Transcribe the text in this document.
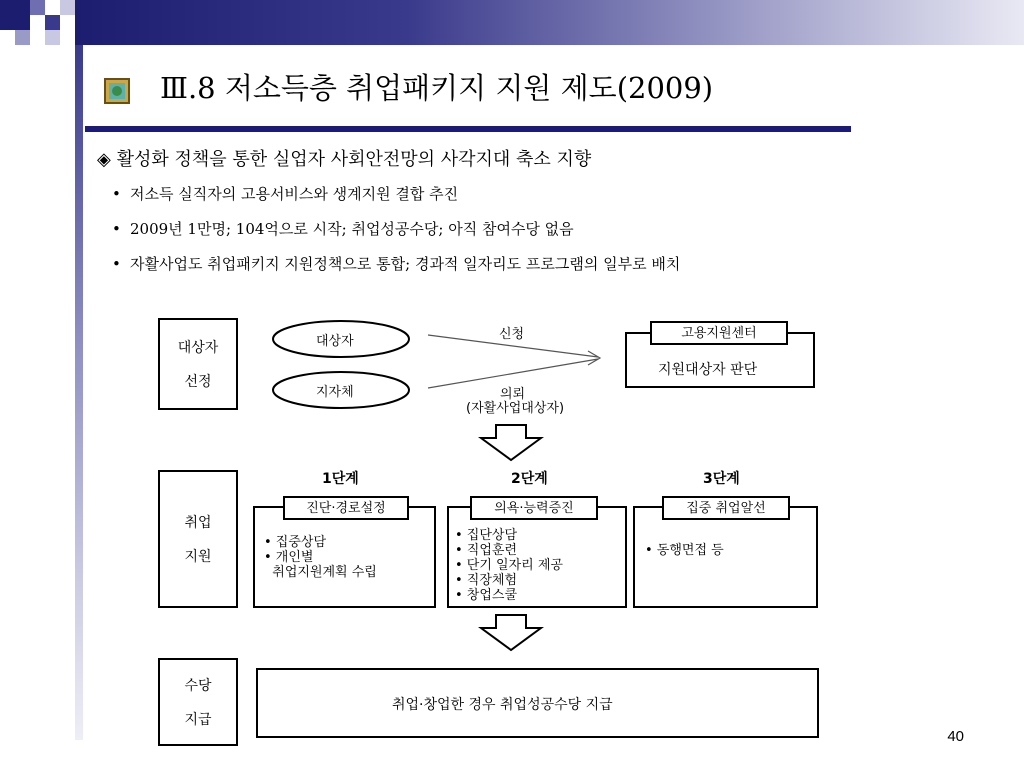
Ⅲ.8 저소득층 취업패키지 지원 제도(2009)
◈ 활성화 정책을 통한 실업자 사회안전망의 사각지대 축소 지향
• 저소득 실직자의 고용서비스와 생계지원 결합 추진
• 2009년 1만명; 104억으로 시작; 취업성공수당; 아직 참여수당 없음
• 자활사업도 취업패키지 지원정책으로 통합; 경과적 일자리도 프로그램의 일부로 배치
대상자
선정
취업
지원
수당
지급
대상자
지자체
신청
의뢰
(자활사업대상자)
고용지원센터
지원대상자 판단
1단계	2단계	3단계
진단·경로설정
• 집중상담
• 개인별
취업지원계획 수립
의욕·능력증진
• 집단상담
• 직업훈련
• 단기 일자리 제공
• 직장체험
• 창업스쿨
집중 취업알선
• 동행면접 등
취업·창업한 경우 취업성공수당 지급
40
